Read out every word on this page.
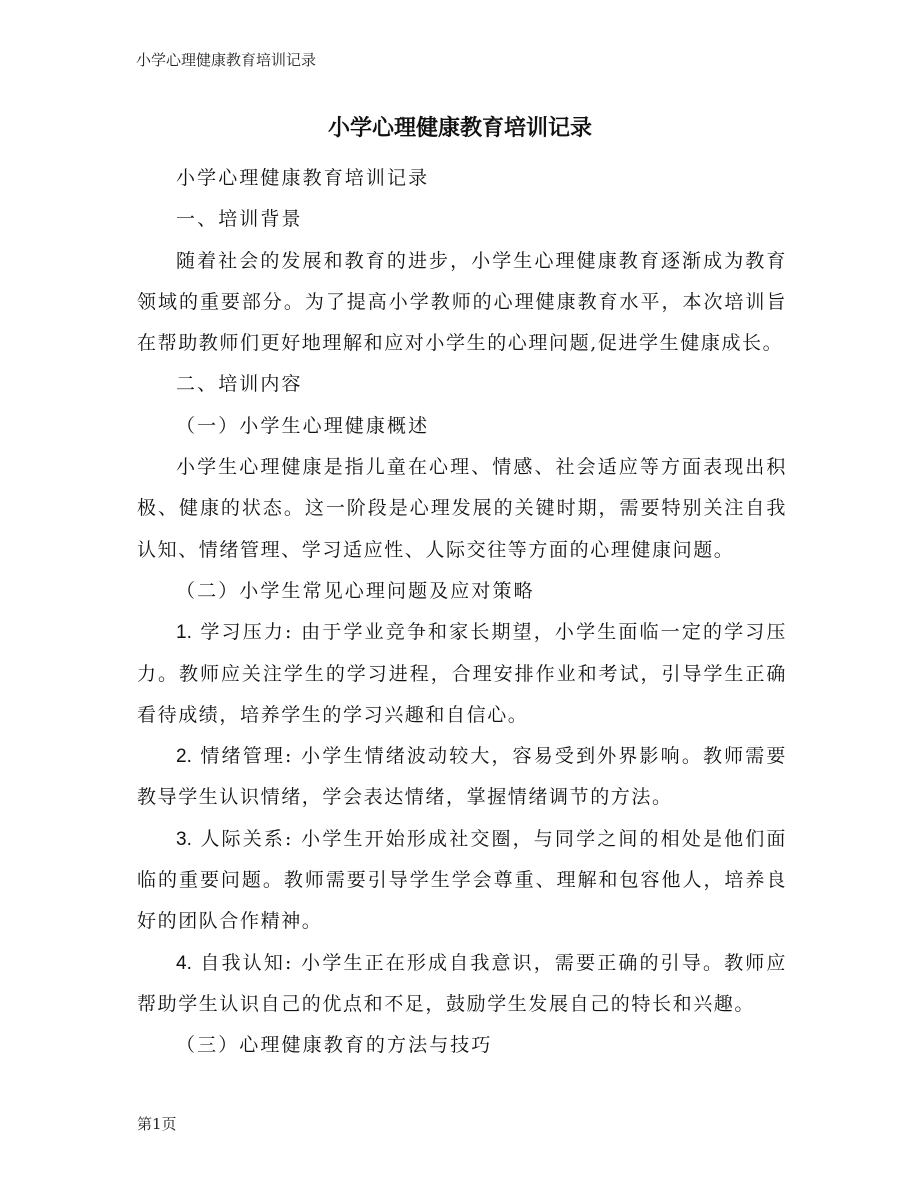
小学心理健康教育培训记录
小学心理健康教育培训记录

小学心理健康教育培训记录

一、培训背景

随着社会的发展和教育的进步，小学生心理健康教育逐渐成为教育领域的重要部分。为了提高小学教师的心理健康教育水平，本次培训旨在帮助教师们更好地理解和应对小学生的心理问题,促进学生健康成长。

二、培训内容

（一）小学生心理健康概述

小学生心理健康是指儿童在心理、情感、社会适应等方面表现出积极、健康的状态。这一阶段是心理发展的关键时期，需要特别关注自我认知、情绪管理、学习适应性、人际交往等方面的心理健康问题。

（二）小学生常见心理问题及应对策略

1. 学习压力: 由于学业竞争和家长期望，小学生面临一定的学习压力。教师应关注学生的学习进程，合理安排作业和考试，引导学生正确看待成绩，培养学生的学习兴趣和自信心。

2. 情绪管理: 小学生情绪波动较大，容易受到外界影响。教师需要教导学生认识情绪，学会表达情绪，掌握情绪调节的方法。

3. 人际关系: 小学生开始形成社交圈，与同学之间的相处是他们面临的重要问题。教师需要引导学生学会尊重、理解和包容他人，培养良好的团队合作精神。

4. 自我认知: 小学生正在形成自我意识，需要正确的引导。教师应帮助学生认识自己的优点和不足，鼓励学生发展自己的特长和兴趣。

（三）心理健康教育的方法与技巧

第1页
